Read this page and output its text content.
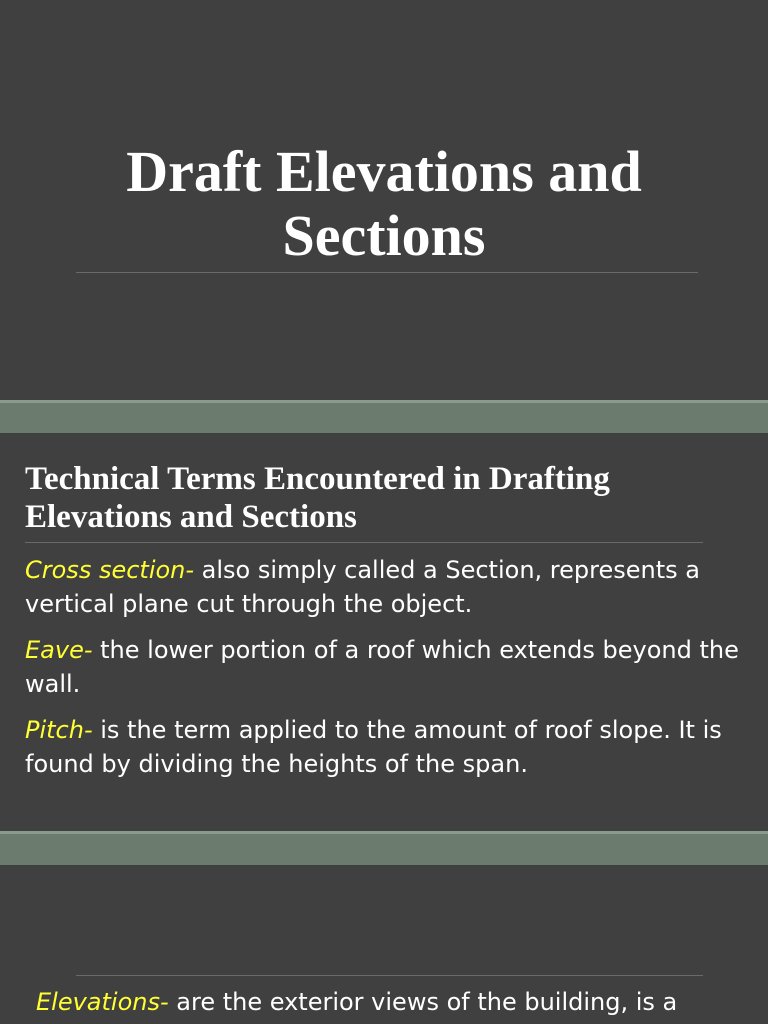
Draft Elevations and
Sections
Technical Terms Encountered in Drafting
Elevations and Sections
Cross section- also simply called a Section, represents a vertical plane cut through the object.
Eave- the lower portion of a roof which extends beyond the wall.
Pitch- is the term applied to the amount of roof slope. It is found by dividing the heights of the span.
Elevations- are the exterior views of the building, is a
